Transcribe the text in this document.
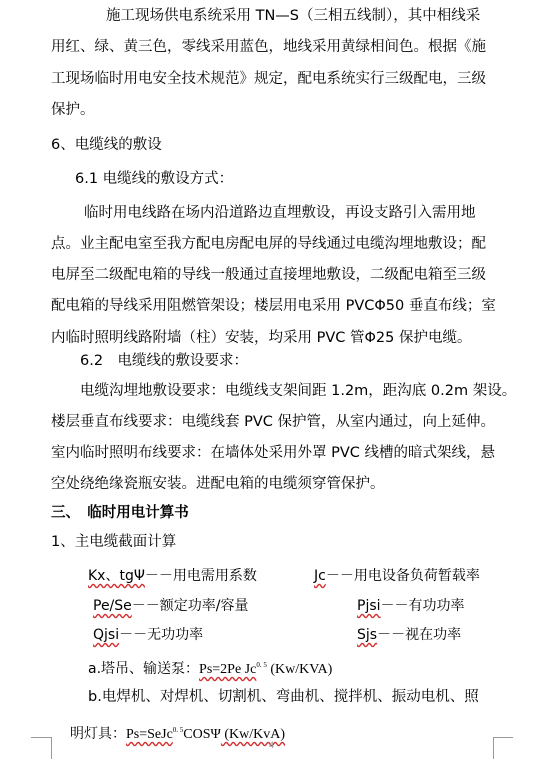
施工现场供电系统采用 TN—S（三相五线制），其中相线采
用红、绿、黄三色，零线采用蓝色，地线采用黄绿相间色。根据《施
工现场临时用电安全技术规范》规定，配电系统实行三级配电，三级
保护。
6、电缆线的敷设
6.1 电缆线的敷设方式：
临时用电线路在场内沿道路边直埋敷设，再设支路引入需用地
点。业主配电室至我方配电房配电屏的导线通过电缆沟埋地敷设；配
电屏至二级配电箱的导线一般通过直接埋地敷设，二级配电箱至三级
配电箱的导线采用阻燃管架设；楼层用电采用 PVCΦ50 垂直布线；室
内临时照明线路附墙（柱）安装，均采用 PVC 管Φ25 保护电缆。
6.2　电缆线的敷设要求：
电缆沟埋地敷设要求：电缆线支架间距 1.2m，距沟底 0.2m 架设。
楼层垂直布线要求：电缆线套 PVC 保护管，从室内通过，向上延伸。
室内临时照明布线要求：在墙体处采用外罩 PVC 线槽的暗式架线，悬
空处绕绝缘瓷瓶安装。进配电箱的电缆须穿管保护。
三、　临时用电计算书
1、主电缆截面计算
Kx、tgΨ－－用电需用系数	Jc－－用电设备负荷暂载率
Pe/Se－－额定功率/容量	Pjsi－－有功功率
Qjsi－－无功功率	Sjs－－视在功率
a.塔吊、输送泵：Ps=2Pe $Jc^{0. 5}$ (Kw/KVA)
b.电焊机、对焊机、切割机、弯曲机、搅拌机、振动电机、照
明灯具：Ps=SeJc$^{0. 5}$COSΨ (Kw/KvA)
4
